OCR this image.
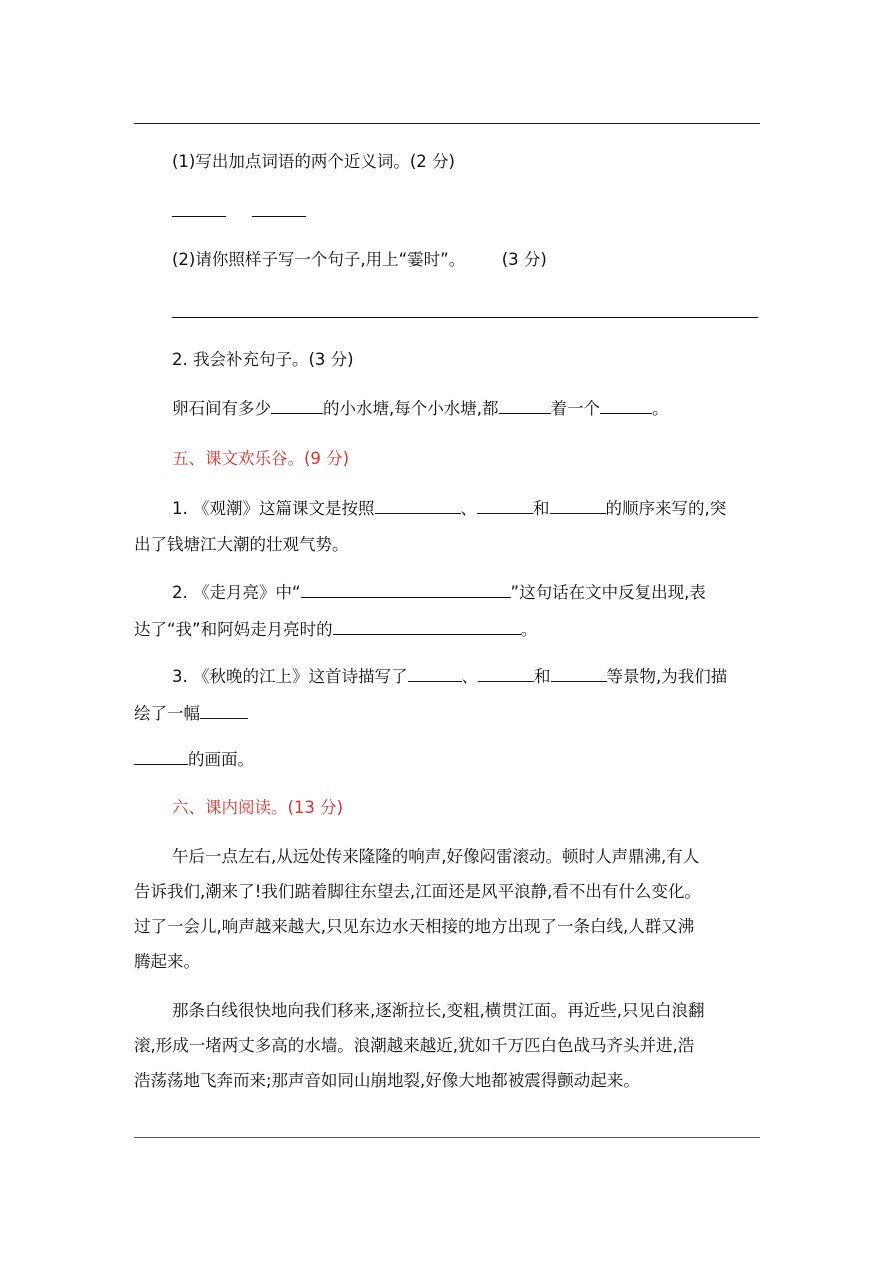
(1)写出加点词语的两个近义词。(2 分)
(2)请你照样子写一个句子,用上“霎时”。 (3 分)
2. 我会补充句子。(3 分)
卵石间有多少	的小水塘,每个小水塘,都	着一个	。
五、课文欢乐谷。(9 分)
1. 《观潮》这篇课文是按照	、	和	的顺序来写的,突
出了钱塘江大潮的壮观气势。
2. 《走月亮》中“	”这句话在文中反复出现,表
达了“我”和阿妈走月亮时的	。
3. 《秋晚的江上》这首诗描写了	、	和	等景物,为我们描
绘了一幅
的画面。
六、课内阅读。(13 分)
午后一点左右,从远处传来隆隆的响声,好像闷雷滚动。顿时人声鼎沸,有人
告诉我们,潮来了!我们踮着脚往东望去,江面还是风平浪静,看不出有什么变化。
过了一会儿,响声越来越大,只见东边水天相接的地方出现了一条白线,人群又沸
腾起来。
那条白线很快地向我们移来,逐渐拉长,变粗,横贯江面。再近些,只见白浪翻
滚,形成一堵两丈多高的水墙。浪潮越来越近,犹如千万匹白色战马齐头并进,浩
浩荡荡地飞奔而来;那声音如同山崩地裂,好像大地都被震得颤动起来。
